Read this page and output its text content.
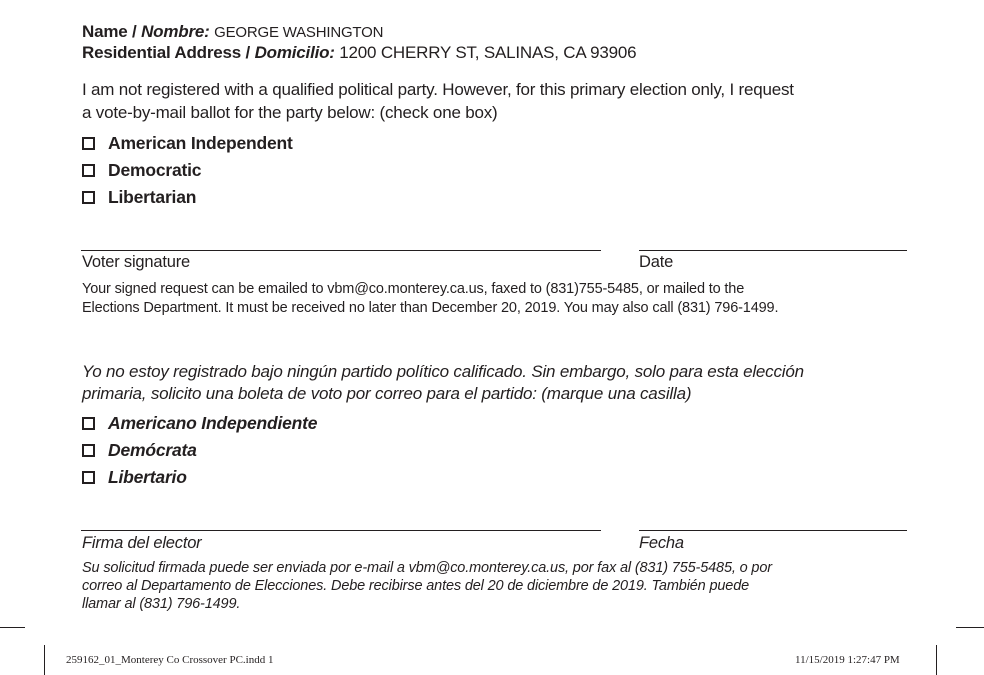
Name / Nombre: GEORGE WASHINGTON
Residential Address / Domicilio: 1200 CHERRY ST, SALINAS, CA 93906
I am not registered with a qualified political party. However, for this primary election only, I request
a vote-by-mail ballot for the party below: (check one box)
American Independent
Democratic
Libertarian
Voter signature	Date
Your signed request can be emailed to vbm@co.monterey.ca.us, faxed to (831)755-5485, or mailed to the
Elections Department. It must be received no later than December 20, 2019. You may also call (831) 796-1499.
Yo no estoy registrado bajo ningún partido político calificado. Sin embargo, solo para esta elección
primaria, solicito una boleta de voto por correo para el partido: (marque una casilla)
Americano Independiente
Demócrata
Libertario
Firma del elector	Fecha
Su solicitud firmada puede ser enviada por e-mail a vbm@co.monterey.ca.us, por fax al (831) 755-5485, o por
correo al Departamento de Elecciones. Debe recibirse antes del 20 de diciembre de 2019. También puede
llamar al (831) 796-1499.
259162_01_Monterey Co Crossover PC.indd 1	11/15/2019 1:27:47 PM
